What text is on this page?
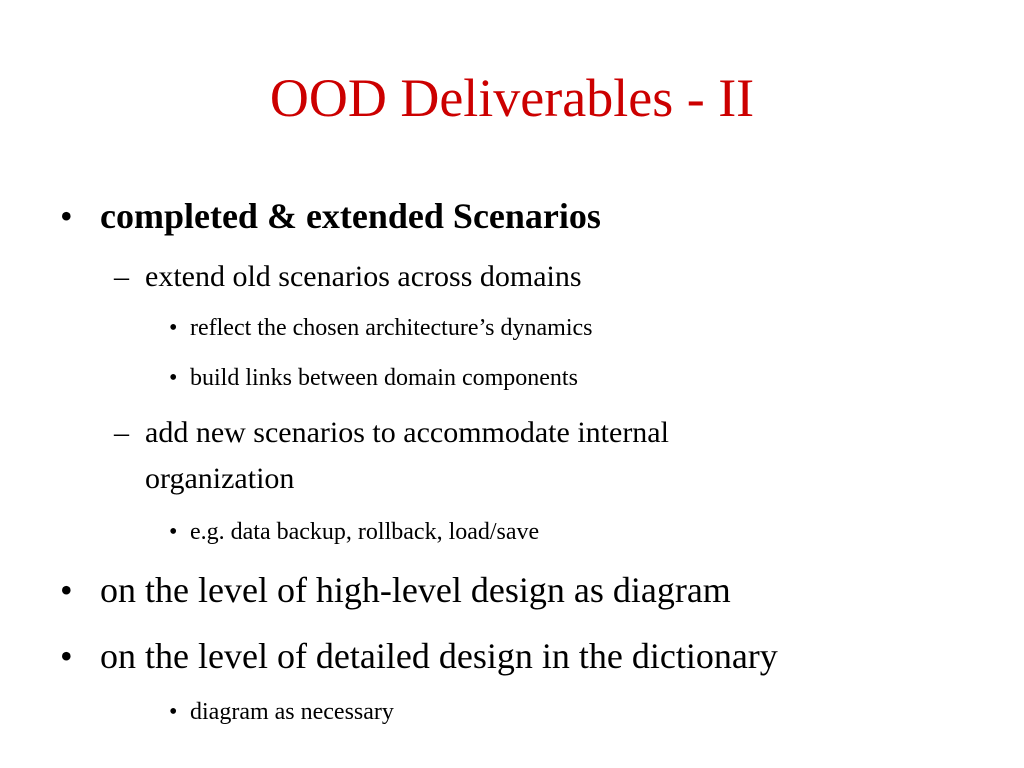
OOD Deliverables - II
• completed & extended Scenarios
– extend old scenarios across domains
• reflect the chosen architecture’s dynamics
• build links between domain components
– add new scenarios to accommodate internal
organization
• e.g. data backup, rollback, load/save
• on the level of high-level design as diagram
• on the level of detailed design in the dictionary
• diagram as necessary
